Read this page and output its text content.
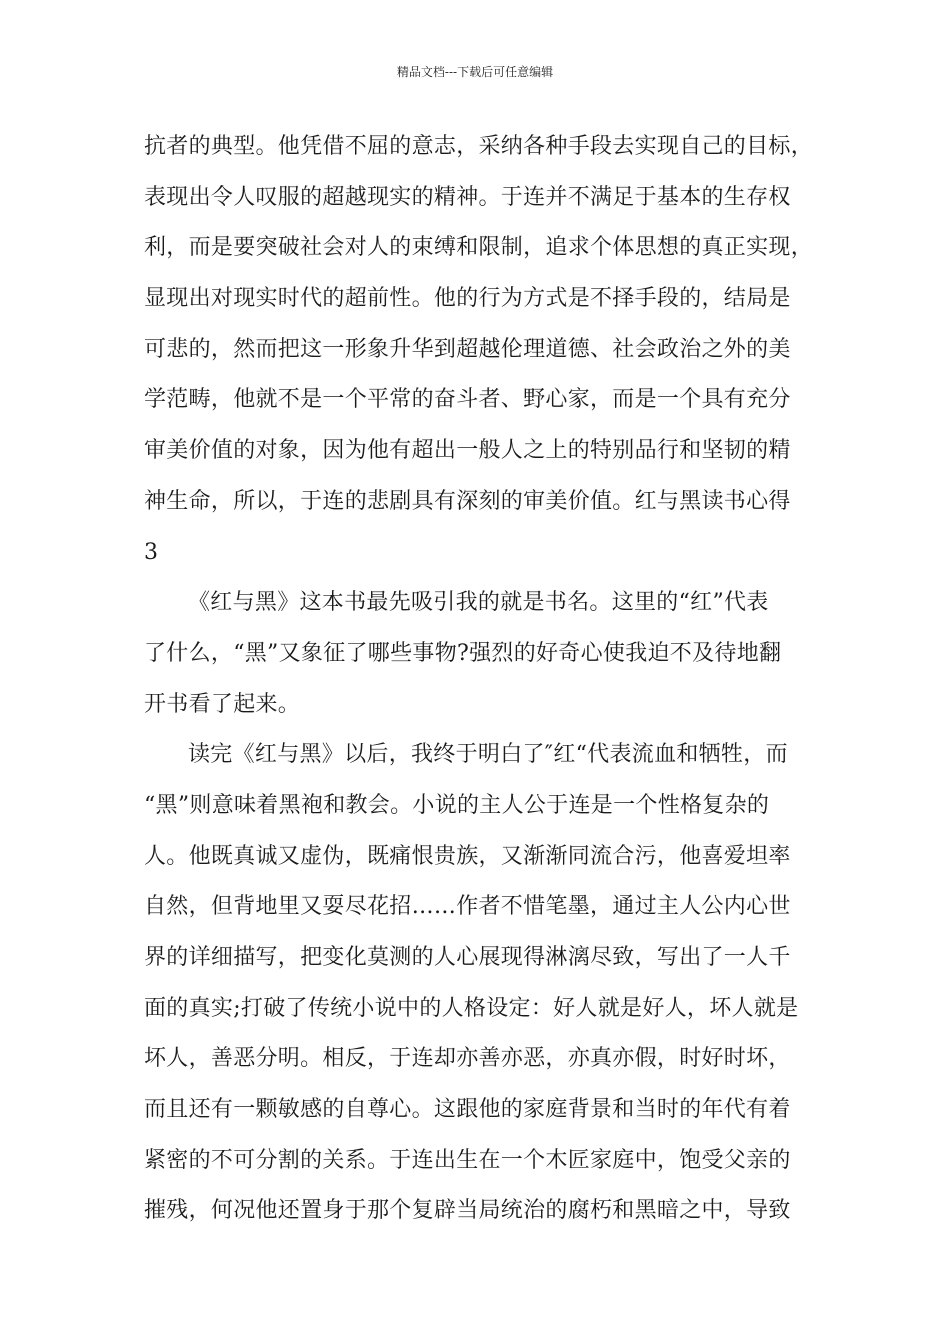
精品文档---下载后可任意编辑
抗者的典型。他凭借不屈的意志，采纳各种手段去实现自己的目标，
表现出令人叹服的超越现实的精神。于连并不满足于基本的生存权
利，而是要突破社会对人的束缚和限制，追求个体思想的真正实现，
显现出对现实时代的超前性。他的行为方式是不择手段的，结局是
可悲的，然而把这一形象升华到超越伦理道德、社会政治之外的美
学范畴，他就不是一个平常的奋斗者、野心家，而是一个具有充分
审美价值的对象，因为他有超出一般人之上的特别品行和坚韧的精
神生命，所以，于连的悲剧具有深刻的审美价值。红与黑读书心得
3
《红与黑》这本书最先吸引我的就是书名。这里的“红”代表
了什么，“黑”又象征了哪些事物?强烈的好奇心使我迫不及待地翻
开书看了起来。
读完《红与黑》以后，我终于明白了″红“代表流血和牺牲，而
“黑”则意味着黑袍和教会。小说的主人公于连是一个性格复杂的
人。他既真诚又虚伪，既痛恨贵族，又渐渐同流合污，他喜爱坦率
自然，但背地里又耍尽花招……作者不惜笔墨，通过主人公内心世
界的详细描写，把变化莫测的人心展现得淋漓尽致，写出了一人千
面的真实;打破了传统小说中的人格设定：好人就是好人，坏人就是
坏人，善恶分明。相反，于连却亦善亦恶，亦真亦假，时好时坏，
而且还有一颗敏感的自尊心。这跟他的家庭背景和当时的年代有着
紧密的不可分割的关系。于连出生在一个木匠家庭中，饱受父亲的
摧残，何况他还置身于那个复辟当局统治的腐朽和黑暗之中，导致
